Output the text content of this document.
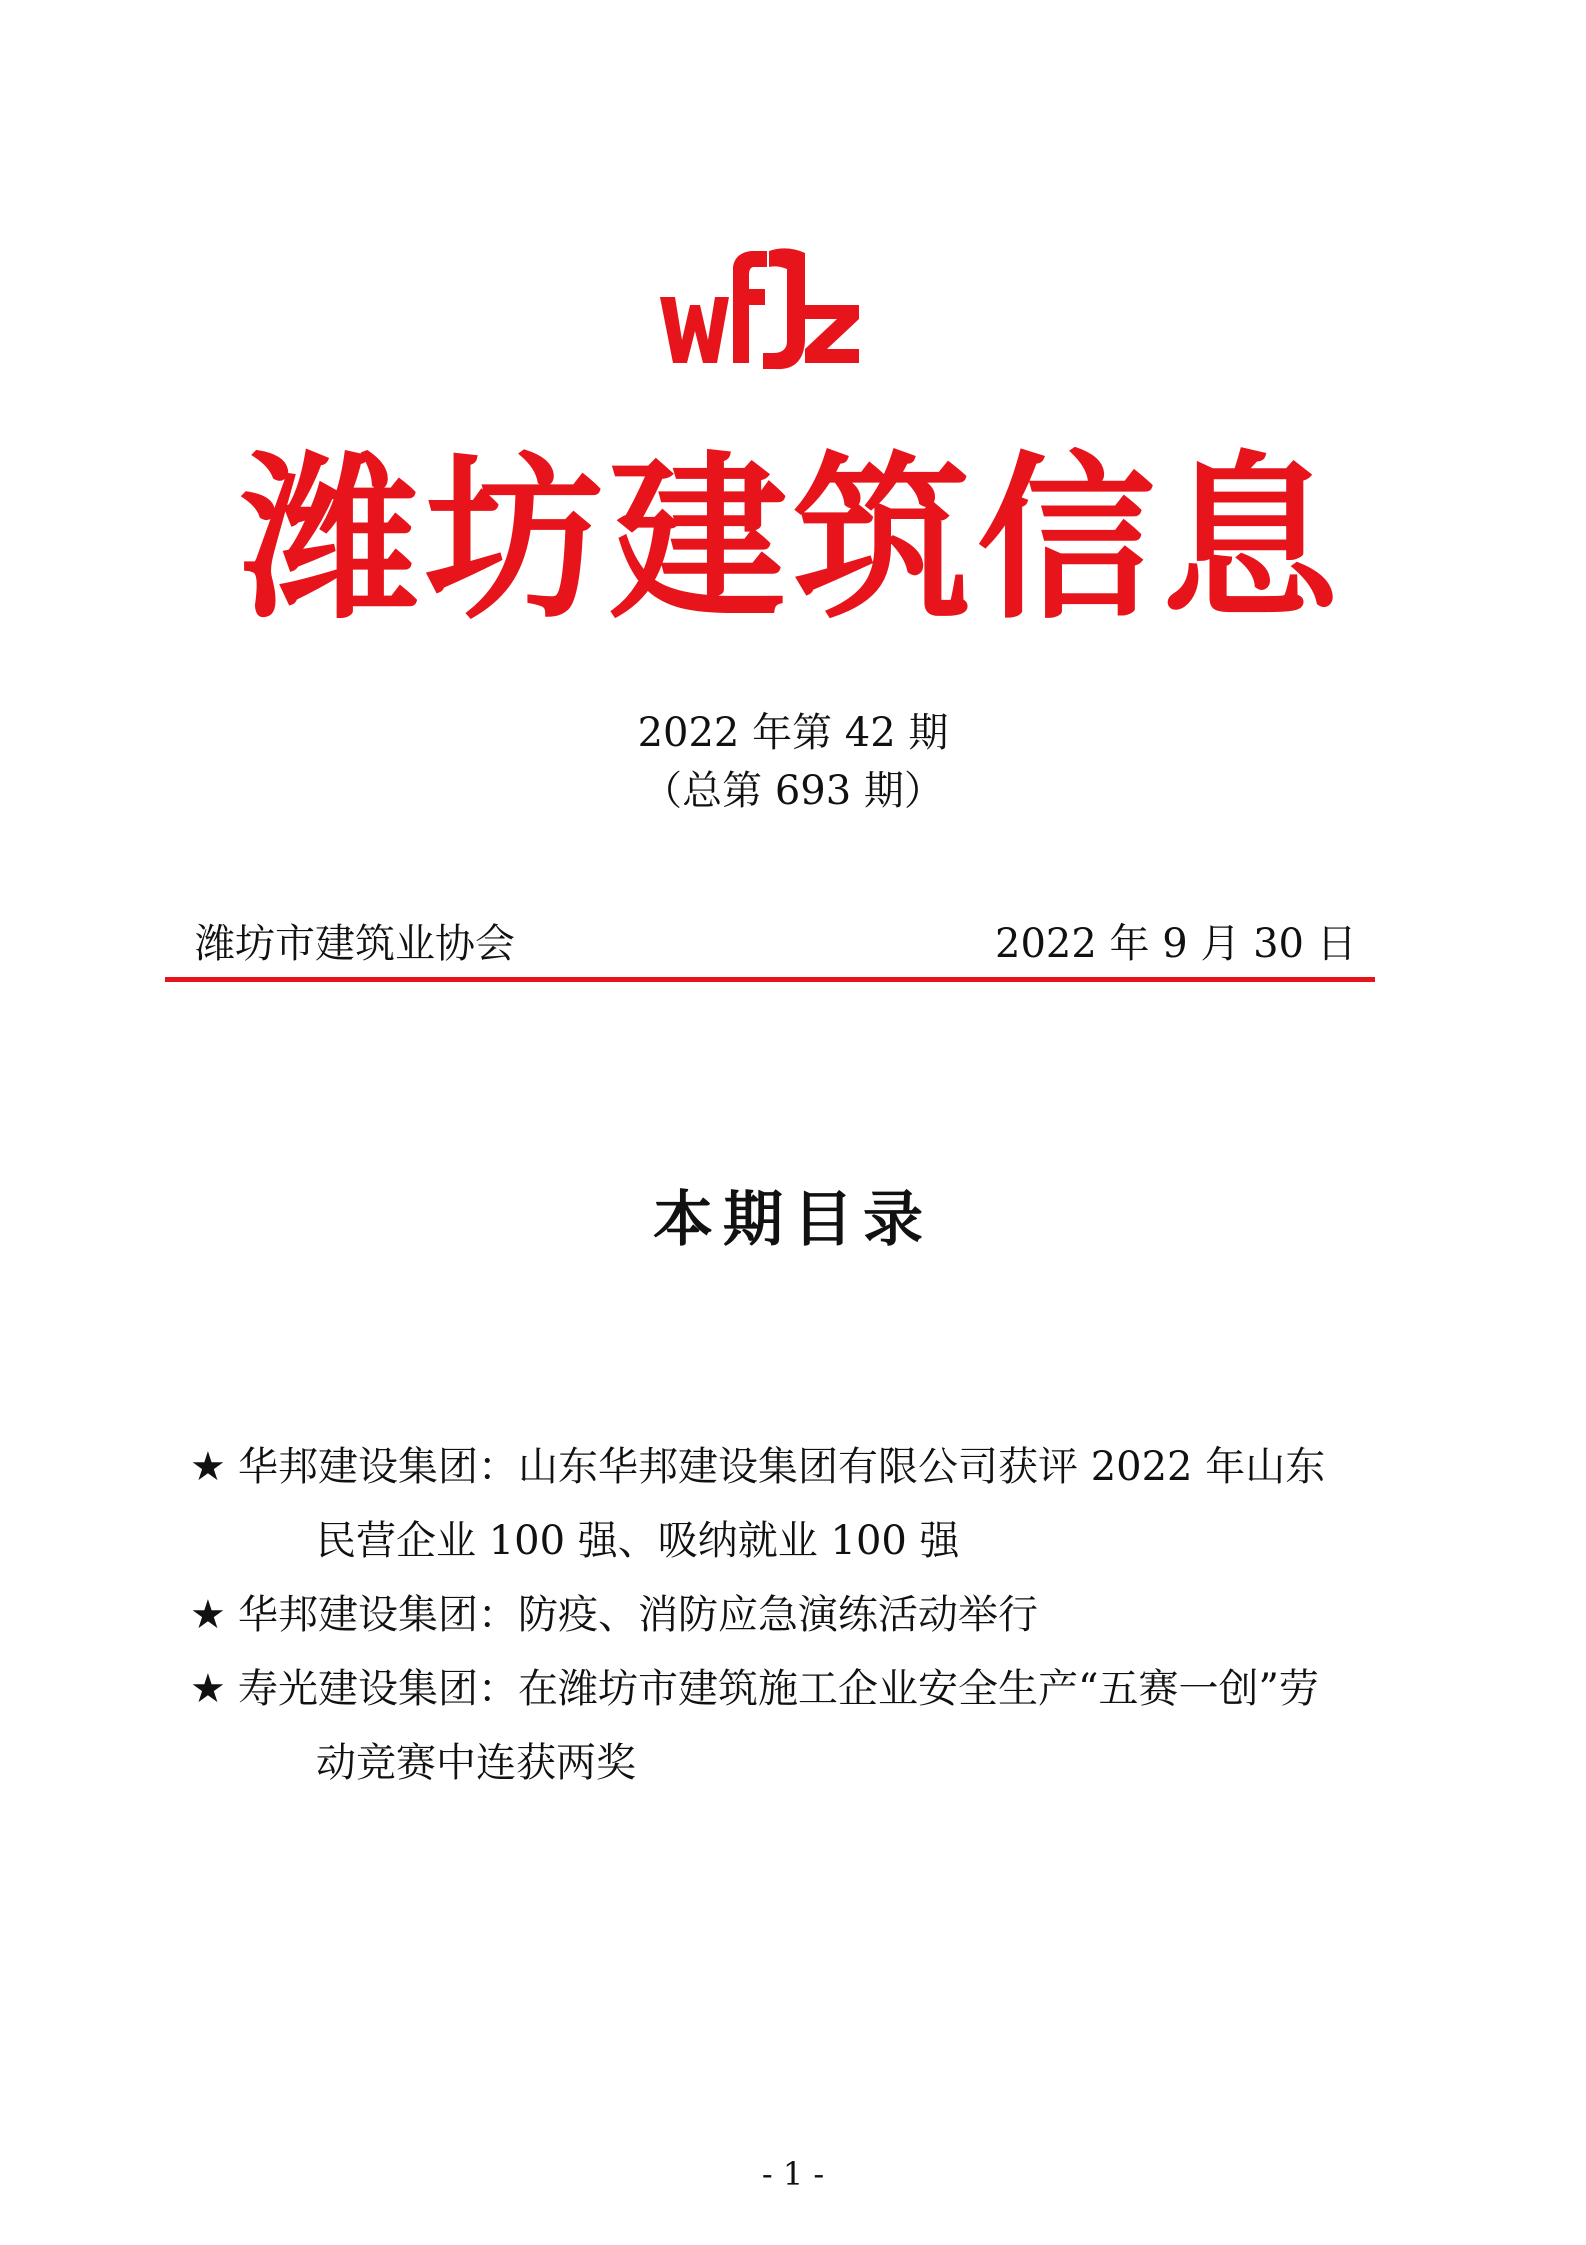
潍坊建筑信息
2022 年第 42 期
（总第 693 期）
潍坊市建筑业协会	2022 年 9 月 30 日
本期目录
★ 华邦建设集团：山东华邦建设集团有限公司获评 2022 年山东
民营企业 100 强、吸纳就业 100 强
★ 华邦建设集团：防疫、消防应急演练活动举行
★ 寿光建设集团：在潍坊市建筑施工企业安全生产“五赛一创”劳
动竞赛中连获两奖
- 1 -
